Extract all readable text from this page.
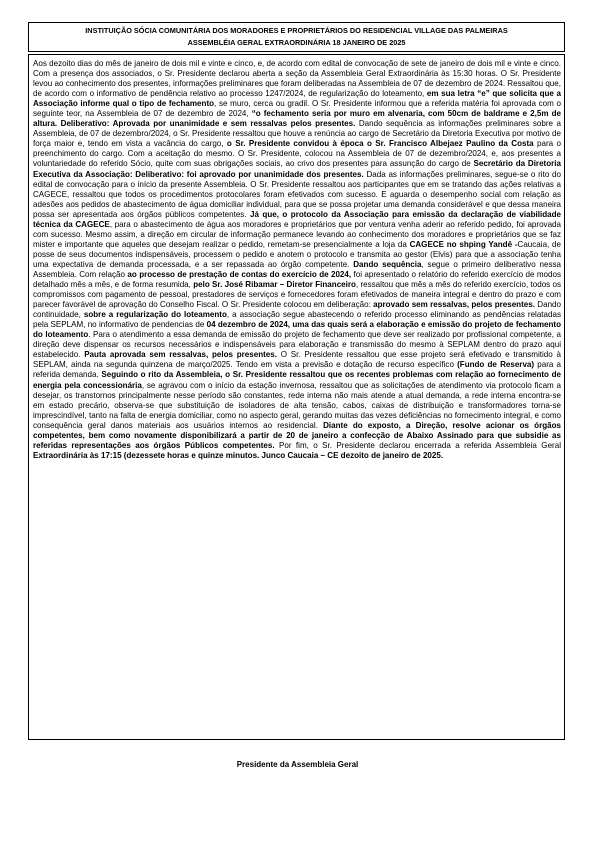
INSTITUIÇÃO SÓCIA COMUNITÁRIA DOS MORADORES E PROPRIETÁRIOS DO RESIDENCIAL VILLAGE DAS PALMEIRAS
ASSEMBLÉIA GERAL EXTRAORDINÁRIA 18 JANEIRO DE 2025
Aos dezoito dias do mês de janeiro de dois mil e vinte e cinco, e, de acordo com edital de convocação de sete de janeiro de dois mil e vinte e cinco. Com a presença dos associados, o Sr. Presidente declarou aberta a seção da Assembleia Geral Extraordinária às 15:30 horas. O Sr. Presidente levou ao conhecimento dos presentes, informações preliminares que foram deliberadas na Assembleia de 07 de dezembro de 2024. Ressaltou que, de acordo com o informativo de pendência relativo ao processo 1247/2024, de regularização do loteamento, em sua letra “e” que solicita que a Associação informe qual o tipo de fechamento, se muro, cerca ou gradil. O Sr. Presidente informou que a referida matéria foi aprovada com o seguinte teor, na Assembleia de 07 de dezembro de 2024, “o fechamento seria por muro em alvenaria, com 50cm de baldrame e 2,5m de altura. Deliberativo: Aprovada por unanimidade e sem ressalvas pelos presentes. Dando sequência as informações preliminares sobre a Assembleia, de 07 de dezembro/2024, o Sr. Presidente ressaltou que houve a renúncia ao cargo de Secretário da Diretoria Executiva por motivo de força maior e, tendo em vista a vacância do cargo, o Sr. Presidente convidou à época o Sr. Francisco Albejaez Paulino da Costa para o preenchimento do cargo. Com a aceitação do mesmo. O Sr. Presidente, colocou na Assembleia de 07 de dezembro/2024, e, aos presentes a voluntariedade do referido Sócio, quite com suas obrigações sociais, ao crivo dos presentes para assunção do cargo de Secretário da Diretoria Executiva da Associação: Deliberativo: foi aprovado por unanimidade dos presentes. Dada as informações preliminares, segue-se o rito do edital de convocação para o início da presente Assembleia. O Sr. Presidente ressaltou aos participantes que em se tratando das ações relativas a CAGECE, ressaltou que todos os procedimentos protocolares foram efetivados com sucesso. E aguarda o desempenho social com relação as adesões aos pedidos de abastecimento de água domiciliar individual, para que se possa projetar uma demanda considerável e que dessa maneira possa ser apresentada aos órgãos públicos competentes. Já que, o protocolo da Associação para emissão da declaração de viabilidade técnica da CAGECE, para o abastecimento de água aos moradores e proprietários que por ventura venha aderir ao referido pedido, foi aprovada com sucesso. Mesmo assim, a direção em circular de informação permanece levando ao conhecimento dos moradores e proprietários que se faz mister e importante que aqueles que desejam realizar o pedido, remetam-se presencialmente a loja da CAGECE no shping Yandê -Caucaia, de posse de seus documentos indispensáveis, processem o pedido e anotem o protocolo e transmita ao gestor (Elvis) para que a associação tenha uma expectativa de demanda processada, e a ser repassada ao órgão competente. Dando sequência, segue o primeiro deliberativo nessa Assembleia. Com relação ao processo de prestação de contas do exercício de 2024, foi apresentado o relatório do referido exercício de modos detalhado mês a mês, e de forma resumida, pelo Sr. José Ribamar – Diretor Financeiro, ressaltou que mês a mês do referido exercício, todos os compromissos com pagamento de pessoal, prestadores de serviços e fornecedores foram efetivados de maneira integral e dentro do prazo e com parecer favorável de aprovação do Conselho Fiscal. O Sr. Presidente colocou em deliberação: aprovado sem ressalvas, pelos presentes. Dando continuidade, sobre a regularização do loteamento, a associação segue abastecendo o referido processo eliminando as pendências relatadas pela SEPLAM, no informativo de pendencias de 04 dezembro de 2024, uma das quais será a elaboração e emissão do projeto de fechamento do loteamento. Para o atendimento a essa demanda de emissão do projeto de fechamento que deve ser realizado por profissional competente, a direção deve dispensar os recursos necessários e indispensáveis para elaboração e transmissão do mesmo à SEPLAM dentro do prazo aqui estabelecido. Pauta aprovada sem ressalvas, pelos presentes. O Sr. Presidente ressaltou que esse projeto será efetivado e transmitido à SEPLAM, ainda na segunda quinzena de março/2025. Tendo em vista a previsão e dotação de recurso específico (Fundo de Reserva) para a referida demanda. Seguindo o rito da Assembleia, o Sr. Presidente ressaltou que os recentes problemas com relação ao fornecimento de energia pela concessionária, se agravou com o início da estação invernosa, ressaltou que as solicitações de atendimento via protocolo ficam a desejar, os transtornos principalmente nesse período são constantes, rede interna não mais atende a atual demanda, a rede interna encontra-se em estado precário, observa-se que substituição de isoladores de alta tensão, cabos, caixas de distribuição e transformadores torna-se imprescindível, tanto na falta de energia domiciliar, como no aspecto geral, gerando muitas das vezes deficiências no fornecimento integral, e como consequência geral danos materiais aos usuários internos ao residencial. Diante do exposto, a Direção, resolve acionar os órgãos competentes, bem como novamente disponibilizará a partir de 20 de janeiro a confecção de Abaixo Assinado para que subsidie as referidas representações aos órgãos Públicos competentes. Por fim, o Sr. Presidente declarou encerrada a referida Assembleia Geral Extraordinária às 17:15 (dezessete horas e quinze minutos. Junco Caucaia – CE dezoito de janeiro de 2025.
Presidente da Assembleia Geral
